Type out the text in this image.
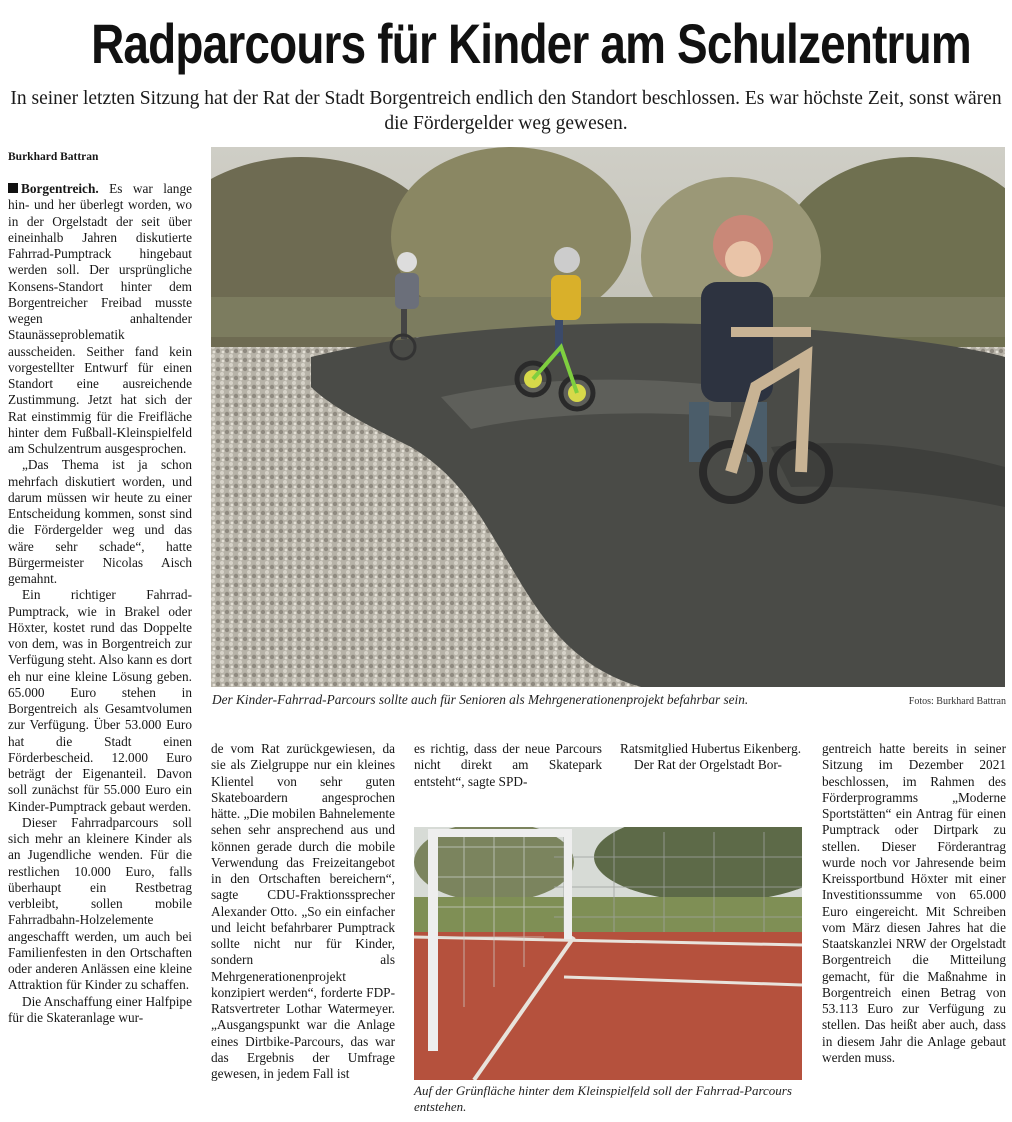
Radparcours für Kinder am Schulzentrum
In seiner letzten Sitzung hat der Rat der Stadt Borgentreich endlich den Standort beschlossen. Es war höchste Zeit, sonst wären die Fördergelder weg gewesen.
Burkhard Battran

Borgentreich. Es war lange hin- und her überlegt worden, wo in der Orgelstadt der seit über eineinhalb Jahren diskutierte Fahrrad-Pumptrack hingebaut werden soll. Der ursprüngliche Konsens-Standort hinter dem Borgentreicher Freibad musste wegen anhaltender Staunässeproblematik ausscheiden. Seither fand kein vorgestellter Entwurf für einen Standort eine ausreichende Zustimmung. Jetzt hat sich der Rat einstimmig für die Freifläche hinter dem Fußball-Kleinspielfeld am Schulzentrum ausgesprochen.

„Das Thema ist ja schon mehrfach diskutiert worden, und darum müssen wir heute zu einer Entscheidung kommen, sonst sind die Fördergelder weg und das wäre sehr schade“, hatte Bürgermeister Nicolas Aisch gemahnt.

Ein richtiger Fahrrad-Pumptrack, wie in Brakel oder Höxter, kostet rund das Doppelte von dem, was in Borgentreich zur Verfügung steht. Also kann es dort eh nur eine kleine Lösung geben. 65.000 Euro stehen in Borgentreich als Gesamtvolumen zur Verfügung. Über 53.000 Euro hat die Stadt einen Förderbescheid. 12.000 Euro beträgt der Eigenanteil. Davon soll zunächst für 55.000 Euro ein Kinder-Pumptrack gebaut werden.

Dieser Fahrradparcours soll sich mehr an kleinere Kinder als an Jugendliche wenden. Für die restlichen 10.000 Euro, falls überhaupt ein Restbetrag verbleibt, sollen mobile Fahrradbahn-Holzelemente angeschafft werden, um auch bei Familienfesten in den Ortschaften oder anderen Anlässen eine kleine Attraktion für Kinder zu schaffen.

Die Anschaffung einer Halfpipe für die Skateranlage wur-

Der Kinder-Fahrrad-Parcours sollte auch für Senioren als Mehrgenerationenprojekt befahrbar sein.	Fotos: Burkhard Battran

de vom Rat zurückgewiesen, da sie als Zielgruppe nur ein kleines Klientel von sehr guten Skateboardern angesprochen hätte. „Die mobilen Bahnelemente sehen sehr ansprechend aus und können gerade durch die mobile Verwendung das Freizeitangebot in den Ortschaften bereichern“, sagte CDU-Fraktionssprecher Alexander Otto. „So ein einfacher und leicht befahrbarer Pumptrack sollte nicht nur für Kinder, sondern als Mehrgenerationenprojekt konzipiert werden“, forderte FDP-Ratsvertreter Lothar Watermeyer. „Ausgangspunkt war die Anlage eines Dirtbike-Parcours, das war das Ergebnis der Umfrage gewesen, in jedem Fall ist

es richtig, dass der neue Parcours nicht direkt am Skatepark entsteht“, sagte SPD-

Ratsmitglied Hubertus Eikenberg.

Der Rat der Orgelstadt Bor-

Auf der Grünfläche hinter dem Kleinspielfeld soll der Fahrrad-Parcours entstehen.

gentreich hatte bereits in seiner Sitzung im Dezember 2021 beschlossen, im Rahmen des Förderprogramms „Moderne Sportstätten“ ein Antrag für einen Pumptrack oder Dirtpark zu stellen. Dieser Förderantrag wurde noch vor Jahresende beim Kreissportbund Höxter mit einer Investitionssumme von 65.000 Euro eingereicht. Mit Schreiben vom März diesen Jahres hat die Staatskanzlei NRW der Orgelstadt Borgentreich die Mitteilung gemacht, für die Maßnahme in Borgentreich einen Betrag von 53.113 Euro zur Verfügung zu stellen. Das heißt aber auch, dass in diesem Jahr die Anlage gebaut werden muss.
